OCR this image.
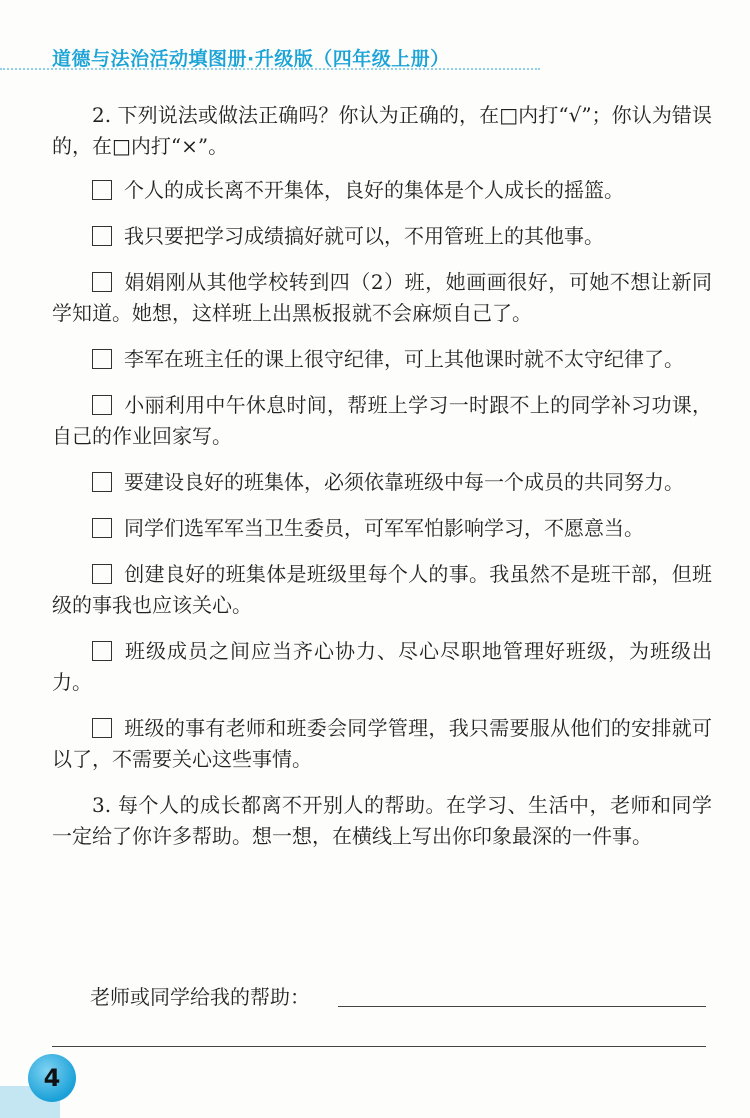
道德与法治活动填图册·升级版（四年级上册）

2. 下列说法或做法正确吗？你认为正确的，在□内打“√”；你认为错误的，在□内打“×”。

个人的成长离不开集体，良好的集体是个人成长的摇篮。

我只要把学习成绩搞好就可以，不用管班上的其他事。

娟娟刚从其他学校转到四（2）班，她画画很好，可她不想让新同学知道。她想，这样班上出黑板报就不会麻烦自己了。

李军在班主任的课上很守纪律，可上其他课时就不太守纪律了。

小丽利用中午休息时间，帮班上学习一时跟不上的同学补习功课，自己的作业回家写。

要建设良好的班集体，必须依靠班级中每一个成员的共同努力。

同学们选军军当卫生委员，可军军怕影响学习，不愿意当。

创建良好的班集体是班级里每个人的事。我虽然不是班干部，但班级的事我也应该关心。

班级成员之间应当齐心协力、尽心尽职地管理好班级，为班级出力。

班级的事有老师和班委会同学管理，我只需要服从他们的安排就可以了，不需要关心这些事情。

3. 每个人的成长都离不开别人的帮助。在学习、生活中，老师和同学一定给了你许多帮助。想一想，在横线上写出你印象最深的一件事。

老师或同学给我的帮助：
4
